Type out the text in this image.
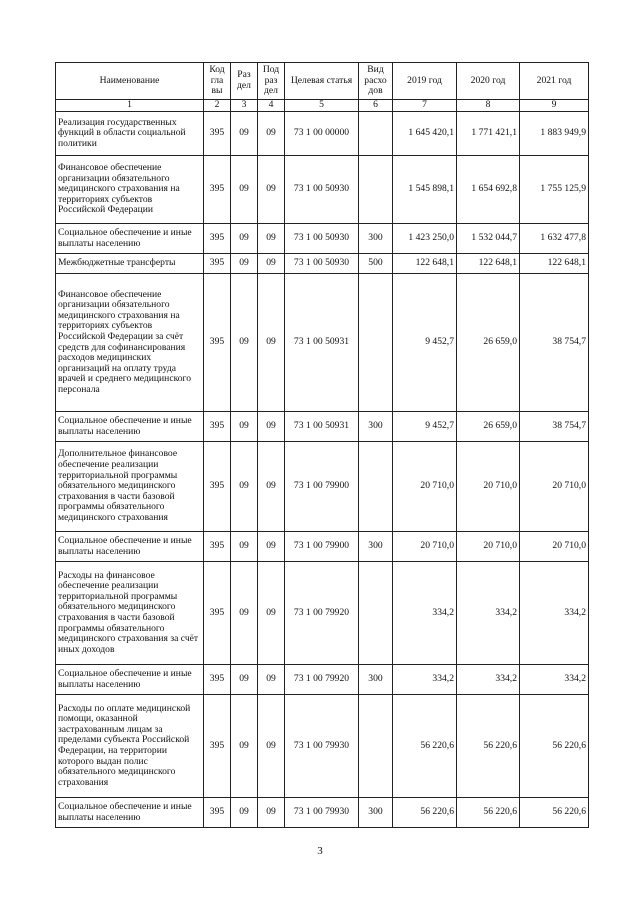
Наименование	Код гла вы	Раз дел	Под раз дел	Целевая статья	Вид расхо дов	2019 год	2020 год	2021 год
1	2	3	4	5	6	7	8	9
Реализация государственных функций в области социальной политики	395	09	09	73 1 00 00000		1 645 420,1	1 771 421,1	1 883 949,9
Финансовое обеспечение организации обязательного медицинского страхования на территориях субъектов Российской Федерации	395	09	09	73 1 00 50930		1 545 898,1	1 654 692,8	1 755 125,9
Социальное обеспечение и иные выплаты населению	395	09	09	73 1 00 50930	300	1 423 250,0	1 532 044,7	1 632 477,8
Межбюджетные трансферты	395	09	09	73 1 00 50930	500	122 648,1	122 648,1	122 648,1
Финансовое обеспечение организации обязательного медицинского страхования на территориях субъектов Российской Федерации за счёт средств для софинансирования расходов медицинских организаций на оплату труда врачей и среднего медицинского персонала	395	09	09	73 1 00 50931		9 452,7	26 659,0	38 754,7
Социальное обеспечение и иные выплаты населению	395	09	09	73 1 00 50931	300	9 452,7	26 659,0	38 754,7
Дополнительное финансовое обеспечение реализации территориальной программы обязательного медицинского страхования в части базовой программы обязательного медицинского страхования	395	09	09	73 1 00 79900		20 710,0	20 710,0	20 710,0
Социальное обеспечение и иные выплаты населению	395	09	09	73 1 00 79900	300	20 710,0	20 710,0	20 710,0
Расходы на финансовое обеспечение реализации территориальной программы обязательного медицинского страхования в части базовой программы обязательного медицинского страхования за счёт иных доходов	395	09	09	73 1 00 79920		334,2	334,2	334,2
Социальное обеспечение и иные выплаты населению	395	09	09	73 1 00 79920	300	334,2	334,2	334,2
Расходы по оплате медицинской помощи, оказанной застрахованным лицам за пределами субъекта Российской Федерации, на территории которого выдан полис обязательного медицинского страхования	395	09	09	73 1 00 79930		56 220,6	56 220,6	56 220,6
Социальное обеспечение и иные выплаты населению	395	09	09	73 1 00 79930	300	56 220,6	56 220,6	56 220,6
3
